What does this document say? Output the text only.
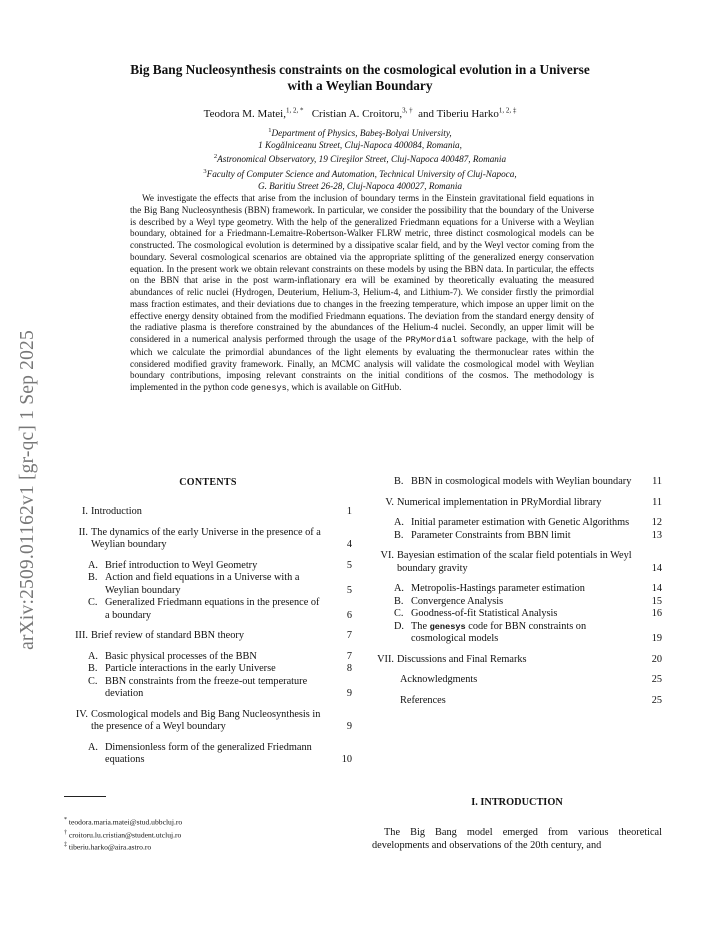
arXiv:2509.01162v1 [gr-qc] 1 Sep 2025
Big Bang Nucleosynthesis constraints on the cosmological evolution in a Universe
with a Weylian Boundary
Teodora M. Matei,$^{1, 2, *}$ Cristian A. Croitoru,$^{3, \dagger}$ and Tiberiu Harko$^{1, 2, \ddagger}$
$^1$Department of Physics, Babeş-Bolyai University,
1 Kogălniceanu Street, Cluj-Napoca 400084, Romania,
$^2$Astronomical Observatory, 19 Cireşilor Street, Cluj-Napoca 400487, Romania
$^3$Faculty of Computer Science and Automation, Technical University of Cluj-Napoca,
G. Baritiu Street 26-28, Cluj-Napoca 400027, Romania

We investigate the effects that arise from the inclusion of boundary terms in the Einstein gravitational field equations in the Big Bang Nucleosynthesis (BBN) framework. In particular, we consider the possibility that the boundary of the Universe is described by a Weyl type geometry. With the help of the generalized Friedmann equations for a Universe with a Weylian boundary, obtained for a Friedmann-Lemaitre-Robertson-Walker FLRW metric, three distinct cosmological models can be constructed. The cosmological evolution is determined by a dissipative scalar field, and by the Weyl vector coming from the boundary. Several cosmological scenarios are obtained via the appropriate splitting of the generalized energy conservation equation. In the present work we obtain relevant constraints on these models by using the BBN data. In particular, the effects on the BBN that arise in the post warm-inflationary era will be examined by theoretically evaluating the measured abundances of relic nuclei (Hydrogen, Deuterium, Helium-3, Helium-4, and Lithium-7). We consider firstly the primordial mass fraction estimates, and their deviations due to changes in the freezing temperature, which impose an upper limit on the effective energy density obtained from the modified Friedmann equations. The deviation from the standard energy density of the radiative plasma is therefore constrained by the abundances of the Helium-4 nuclei. Secondly, an upper limit will be considered in a numerical analysis performed through the usage of the PRyMordial software package, with the help of which we calculate the primordial abundances of the light elements by evaluating the thermonuclear rates within the considered modified gravity framework. Finally, an MCMC analysis will validate the cosmological model with Weylian boundary contributions, imposing relevant constraints on the initial conditions of the cosmos. The methodology is implemented in the python code genesys, which is available on GitHub.

CONTENTS
I. Introduction	1
II. The dynamics of the early Universe in the presence of a Weylian boundary	4
A. Brief introduction to Weyl Geometry	5
B. Action and field equations in a Universe with a Weylian boundary	5
C. Generalized Friedmann equations in the presence of a boundary	6
III. Brief review of standard BBN theory	7
A. Basic physical processes of the BBN	7
B. Particle interactions in the early Universe	8
C. BBN constraints from the freeze-out temperature deviation	9
IV. Cosmological models and Big Bang Nucleosynthesis in the presence of a Weyl boundary	9
A. Dimensionless form of the generalized Friedmann equations	10
B. BBN in cosmological models with Weylian boundary	11
V. Numerical implementation in PRyMordial library	11
A. Initial parameter estimation with Genetic Algorithms	12
B. Parameter Constraints from BBN limit	13
VI. Bayesian estimation of the scalar field potentials in Weyl boundary gravity	14
A. Metropolis-Hastings parameter estimation	14
B. Convergence Analysis	15
C. Goodness-of-fit Statistical Analysis	16
D. The genesys code for BBN constraints on cosmological models	19
VII. Discussions and Final Remarks	20
Acknowledgments	25
References	25
* teodora.maria.matei@stud.ubbcluj.ro
† croitoru.lu.cristian@student.utcluj.ro
‡ tiberiu.harko@aira.astro.ro
I. INTRODUCTION

The Big Bang model emerged from various theoretical developments and observations of the 20th century, and
